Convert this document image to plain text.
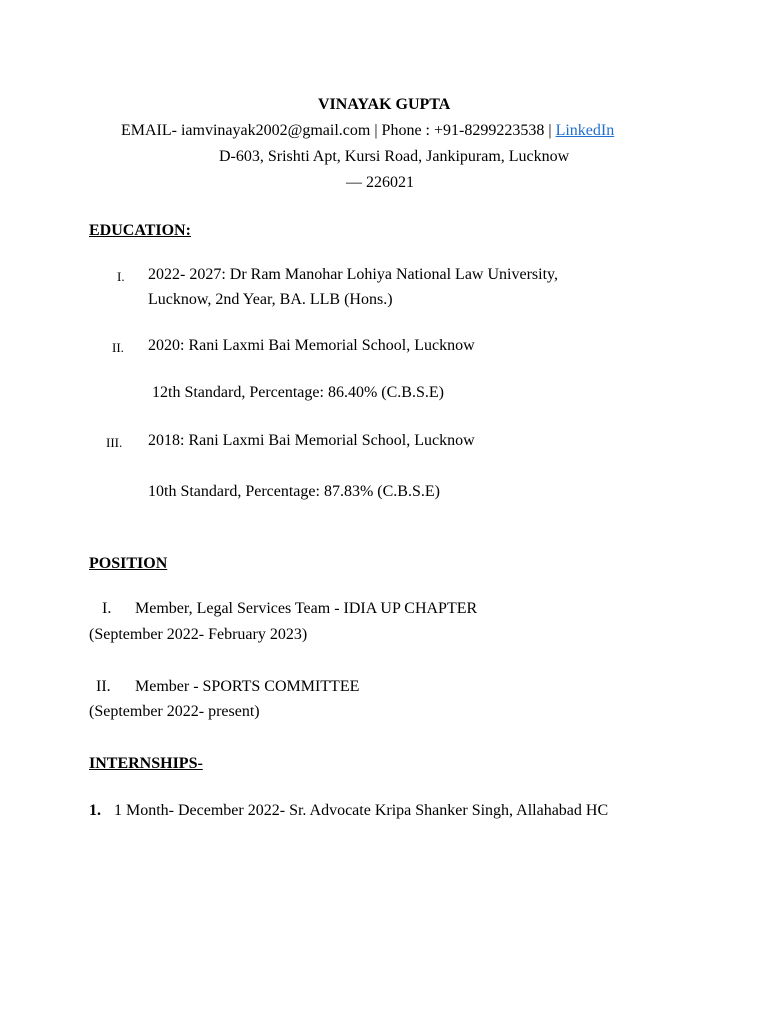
VINAYAK GUPTA
EMAIL- iamvinayak2002@gmail.com | Phone : +91-8299223538 | LinkedIn
D-603, Srishti Apt, Kursi Road, Jankipuram, Lucknow
— 226021
EDUCATION:
I. 2022- 2027: Dr Ram Manohar Lohiya National Law University,
Lucknow, 2nd Year, BA. LLB (Hons.)
II. 2020: Rani Laxmi Bai Memorial School, Lucknow
12th Standard, Percentage: 86.40% (C.B.S.E)
III. 2018: Rani Laxmi Bai Memorial School, Lucknow
10th Standard, Percentage: 87.83% (C.B.S.E)
POSITION
I. Member, Legal Services Team - IDIA UP CHAPTER
(September 2022- February 2023)
II. Member - SPORTS COMMITTEE
(September 2022- present)
INTERNSHIPS-
1. 1 Month- December 2022- Sr. Advocate Kripa Shanker Singh, Allahabad HC
